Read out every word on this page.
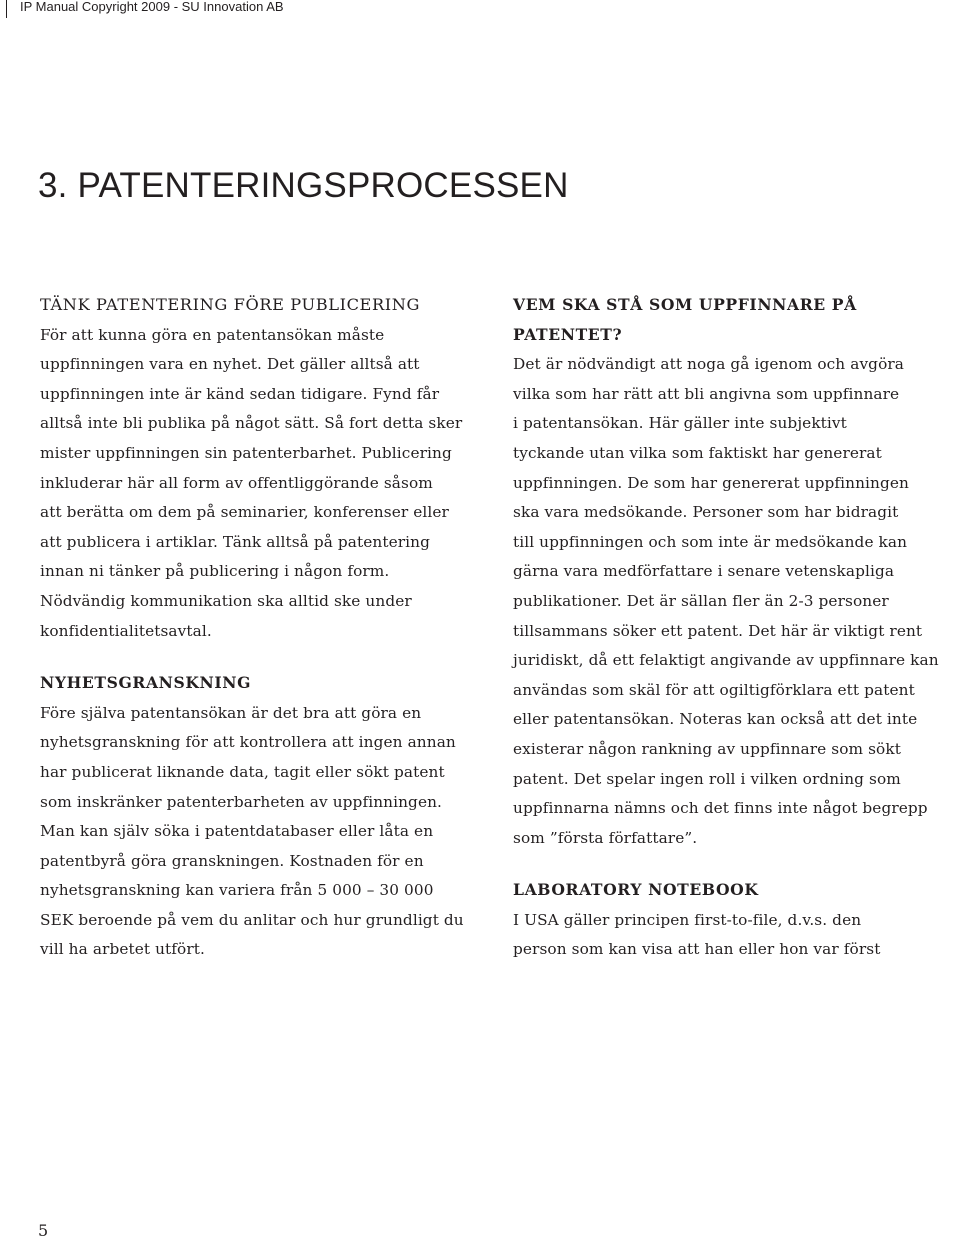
IP Manual Copyright 2009 - SU Innovation AB
3. PATENTERINGSPROCESSEN
TÄNK PATENTERING FÖRE PUBLICERING

För att kunna göra en patentansökan måste
uppfinningen vara en nyhet. Det gäller alltså att
uppfinningen inte är känd sedan tidigare. Fynd får
alltså inte bli publika på något sätt. Så fort detta sker
mister uppfinningen sin patenterbarhet. Publicering
inkluderar här all form av offentliggörande såsom
att berätta om dem på seminarier, konferenser eller
att publicera i artiklar. Tänk alltså på patentering
innan ni tänker på publicering i någon form.
Nödvändig kommunikation ska alltid ske under
konfidentialitetsavtal.

NYHETSGRANSKNING

Före själva patentansökan är det bra att göra en
nyhetsgranskning för att kontrollera att ingen annan
har publicerat liknande data, tagit eller sökt patent
som inskränker patenterbarheten av uppfinningen.
Man kan själv söka i patentdatabaser eller låta en
patentbyrå göra granskningen. Kostnaden för en
nyhetsgranskning kan variera från 5 000 – 30 000
SEK beroende på vem du anlitar och hur grundligt du
vill ha arbetet utfört.

VEM SKA STÅ SOM UPPFINNARE PÅ
PATENTET?

Det är nödvändigt att noga gå igenom och avgöra
vilka som har rätt att bli angivna som uppfinnare
i patentansökan. Här gäller inte subjektivt
tyckande utan vilka som faktiskt har genererat
uppfinningen. De som har genererat uppfinningen
ska vara medsökande. Personer som har bidragit
till uppfinningen och som inte är medsökande kan
gärna vara medförfattare i senare vetenskapliga
publikationer. Det är sällan fler än 2-3 personer
tillsammans söker ett patent. Det här är viktigt rent
juridiskt, då ett felaktigt angivande av uppfinnare kan
användas som skäl för att ogiltigförklara ett patent
eller patentansökan. Noteras kan också att det inte
existerar någon rankning av uppfinnare som sökt
patent. Det spelar ingen roll i vilken ordning som
uppfinnarna nämns och det finns inte något begrepp
som ”första författare”.

LABORATORY NOTEBOOK

I USA gäller principen first-to-file, d.v.s. den
person som kan visa att han eller hon var först

5
